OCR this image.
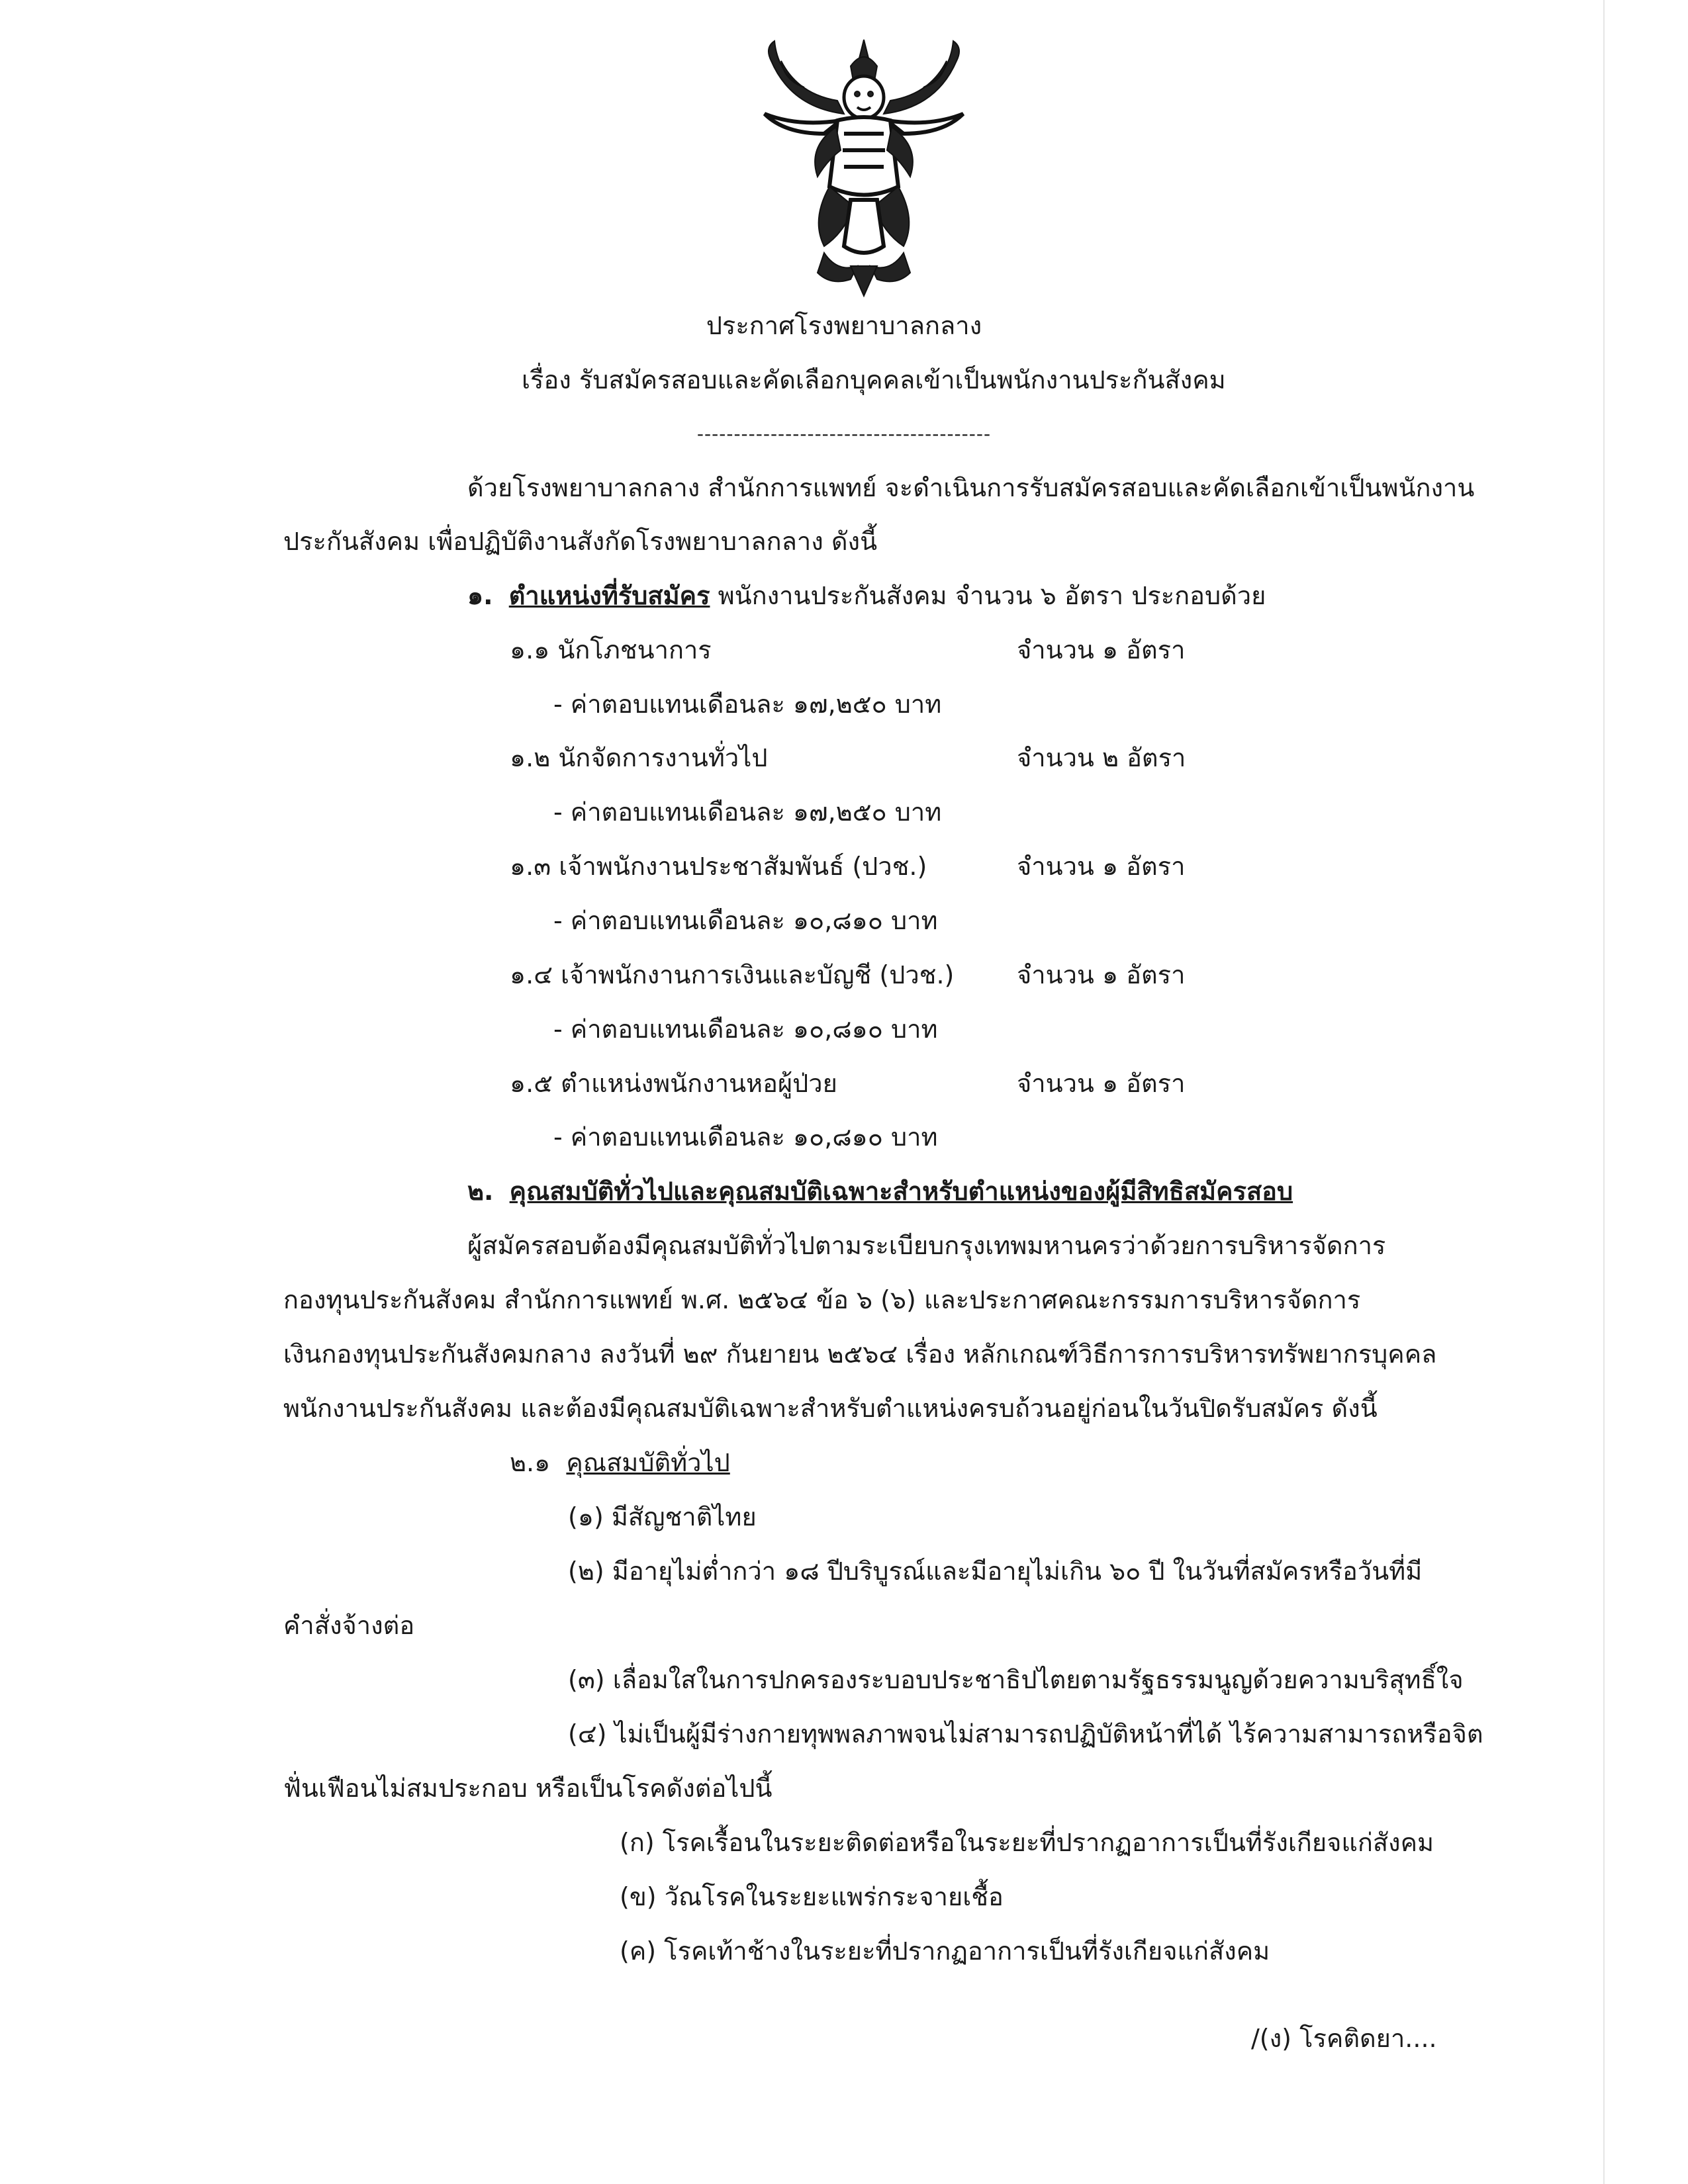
ประกาศโรงพยาบาลกลาง
เรื่อง รับสมัครสอบและคัดเลือกบุคคลเข้าเป็นพนักงานประกันสังคม
----------------------------------------
ด้วยโรงพยาบาลกลาง สำนักการแพทย์ จะดำเนินการรับสมัครสอบและคัดเลือกเข้าเป็นพนักงาน
ประกันสังคม เพื่อปฏิบัติงานสังกัดโรงพยาบาลกลาง ดังนี้
๑. ตำแหน่งที่รับสมัคร พนักงานประกันสังคม จำนวน ๖ อัตรา ประกอบด้วย
๑.๑ นักโภชนาการ	จำนวน ๑ อัตรา
- ค่าตอบแทนเดือนละ ๑๗,๒๕๐ บาท
๑.๒ นักจัดการงานทั่วไป	จำนวน ๒ อัตรา
- ค่าตอบแทนเดือนละ ๑๗,๒๕๐ บาท
๑.๓ เจ้าพนักงานประชาสัมพันธ์ (ปวช.)	จำนวน ๑ อัตรา
- ค่าตอบแทนเดือนละ ๑๐,๘๑๐ บาท
๑.๔ เจ้าพนักงานการเงินและบัญชี (ปวช.) จำนวน ๑ อัตรา
- ค่าตอบแทนเดือนละ ๑๐,๘๑๐ บาท
๑.๕ ตำแหน่งพนักงานหอผู้ป่วย	จำนวน ๑ อัตรา
- ค่าตอบแทนเดือนละ ๑๐,๘๑๐ บาท
๒. คุณสมบัติทั่วไปและคุณสมบัติเฉพาะสำหรับตำแหน่งของผู้มีสิทธิสมัครสอบ
ผู้สมัครสอบต้องมีคุณสมบัติทั่วไปตามระเบียบกรุงเทพมหานครว่าด้วยการบริหารจัดการ
กองทุนประกันสังคม สำนักการแพทย์ พ.ศ. ๒๕๖๔ ข้อ ๖ (๖) และประกาศคณะกรรมการบริหารจัดการ
เงินกองทุนประกันสังคมกลาง ลงวันที่ ๒๙ กันยายน ๒๕๖๔ เรื่อง หลักเกณฑ์วิธีการการบริหารทรัพยากรบุคคล
พนักงานประกันสังคม และต้องมีคุณสมบัติเฉพาะสำหรับตำแหน่งครบถ้วนอยู่ก่อนในวันปิดรับสมัคร ดังนี้
๒.๑ คุณสมบัติทั่วไป
(๑) มีสัญชาติไทย
(๒) มีอายุไม่ต่ำกว่า ๑๘ ปีบริบูรณ์และมีอายุไม่เกิน ๖๐ ปี ในวันที่สมัครหรือวันที่มี
คำสั่งจ้างต่อ
(๓) เลื่อมใสในการปกครองระบอบประชาธิปไตยตามรัฐธรรมนูญด้วยความบริสุทธิ์ใจ
(๔) ไม่เป็นผู้มีร่างกายทุพพลภาพจนไม่สามารถปฏิบัติหน้าที่ได้ ไร้ความสามารถหรือจิต
ฟั่นเฟือนไม่สมประกอบ หรือเป็นโรคดังต่อไปนี้
(ก) โรคเรื้อนในระยะติดต่อหรือในระยะที่ปรากฏอาการเป็นที่รังเกียจแก่สังคม
(ข) วัณโรคในระยะแพร่กระจายเชื้อ
(ค) โรคเท้าช้างในระยะที่ปรากฏอาการเป็นที่รังเกียจแก่สังคม
/(ง) โรคติดยา....
